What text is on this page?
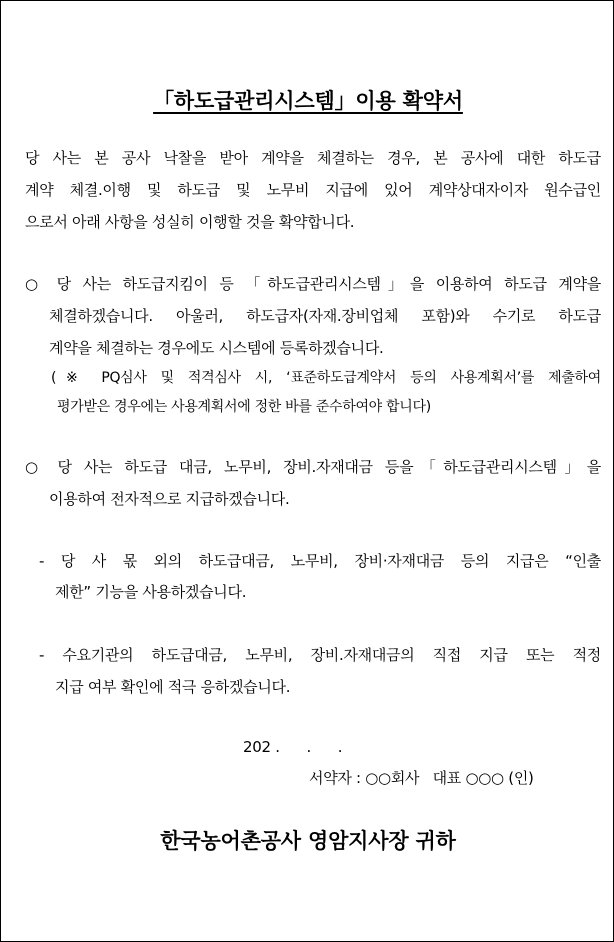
「하도급관리시스템」이용 확약서
당 사는 본 공사 낙찰을 받아 계약을 체결하는 경우, 본 공사에 대한 하도급
계약 체결.이행 및 하도급 및 노무비 지급에 있어 계약상대자이자 원수급인
으로서 아래 사항을 성실히 이행할 것을 확약합니다.
○ 당 사는 하도급지킴이 등 「하도급관리시스템」을 이용하여 하도급 계약을
체결하겠습니다. 아울러, 하도급자(자재.장비업체 포함)와 수기로 하도급
계약을 체결하는 경우에도 시스템에 등록하겠습니다.
(※ PQ심사 및 적격심사 시, ‘표준하도급계약서 등의 사용계획서’를 제출하여
평가받은 경우에는 사용계획서에 정한 바를 준수하여야 합니다)
○ 당 사는 하도급 대금, 노무비, 장비.자재대금 등을「하도급관리시스템」을
이용하여 전자적으로 지급하겠습니다.
- 당 사 몫 외의 하도급대금, 노무비, 장비·자재대금 등의 지급은 “인출
제한” 기능을 사용하겠습니다.
- 수요기관의 하도급대금, 노무비, 장비.자재대금의 직접 지급 또는 적정
지급 여부 확인에 적극 응하겠습니다.
202 .      .      .
서약자 : ○○회사   대표 ○○○ (인)
한국농어촌공사 영암지사장 귀하
